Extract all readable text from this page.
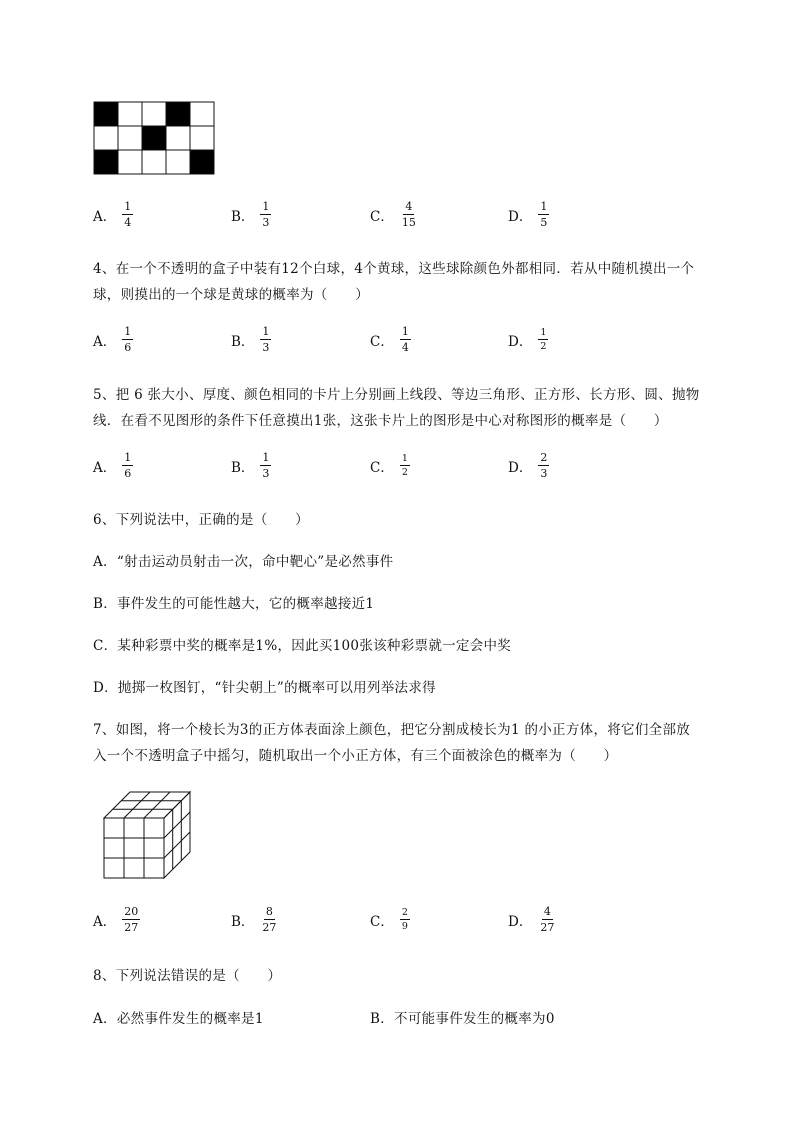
A． $\frac{1}{4}$	B． $\frac{1}{3}$	C． $\frac{4}{15}$	D． $\frac{1}{5}$
4、在一个不透明的盒子中装有12个白球，4个黄球，这些球除颜色外都相同．若从中随机摸出一个
球，则摸出的一个球是黄球的概率为（　　）
A． $\frac{1}{6}$	B． $\frac{1}{3}$	C． $\frac{1}{4}$	D． $\frac{1}{2}$
5、把 6 张大小、厚度、颜色相同的卡片上分别画上线段、等边三角形、正方形、长方形、圆、抛物
线．在看不见图形的条件下任意摸出1张，这张卡片上的图形是中心对称图形的概率是（　　）
A． $\frac{1}{6}$	B． $\frac{1}{3}$	C． $\frac{1}{2}$	D． $\frac{2}{3}$
6、下列说法中，正确的是（　　）
A．“射击运动员射击一次，命中靶心”是必然事件
B．事件发生的可能性越大，它的概率越接近1
C．某种彩票中奖的概率是1%，因此买100张该种彩票就一定会中奖
D．抛掷一枚图钉，“针尖朝上”的概率可以用列举法求得
7、如图，将一个棱长为3的正方体表面涂上颜色，把它分割成棱长为1 的小正方体，将它们全部放
入一个不透明盒子中摇匀，随机取出一个小正方体，有三个面被涂色的概率为（　　）
A． $\frac{20}{27}$	B． $\frac{8}{27}$	C． $\frac{2}{9}$	D． $\frac{4}{27}$
8、下列说法错误的是（　　）
A．必然事件发生的概率是1	B．不可能事件发生的概率为0
